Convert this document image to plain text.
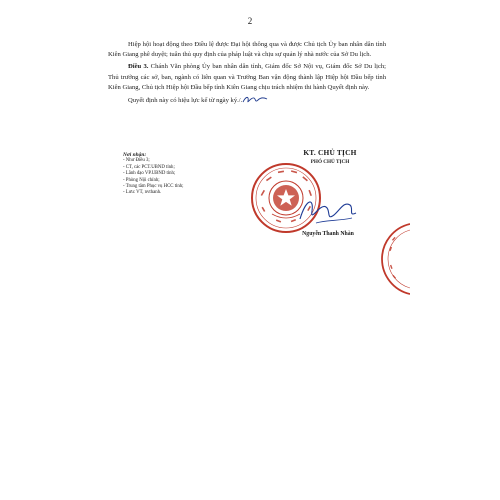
2

Hiệp hội hoạt động theo Điều lệ được Đại hội thông qua và được Chủ tịch Ủy ban nhân dân tỉnh Kiên Giang phê duyệt; tuân thủ quy định của pháp luật và chịu sự quản lý nhà nước của Sở Du lịch.

Điều 3. Chánh Văn phòng Ủy ban nhân dân tỉnh, Giám đốc Sở Nội vụ, Giám đốc Sở Du lịch; Thủ trưởng các sở, ban, ngành có liên quan và Trưởng Ban vận động thành lập Hiệp hội Đầu bếp tỉnh Kiên Giang, Chủ tịch Hiệp hội Đầu bếp tỉnh Kiên Giang chịu trách nhiệm thi hành Quyết định này.

Quyết định này có hiệu lực kể từ ngày ký./.

Nơi nhận:
- Như Điều 3;
- CT, các PCT.UBND tỉnh;
- Lãnh đạo VP.UBND tỉnh;
- Phòng Nội chính;
- Trung tâm Phục vụ HCC tỉnh;
- Lưu: VT, nvthanh.
KT. CHỦ TỊCH
PHÓ CHỦ TỊCH
Nguyễn Thanh Nhàn
